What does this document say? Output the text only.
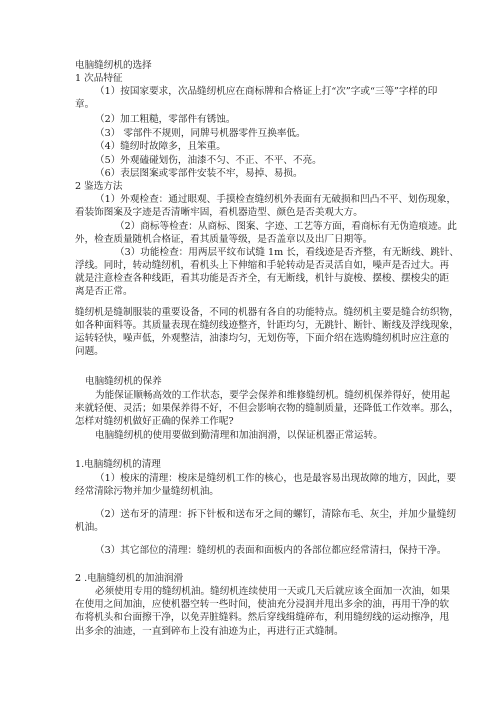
电脑缝纫机的选择
1 次品特征
（1）按国家要求，次品缝纫机应在商标牌和合格证上打“次”字或“三等”字样的印
章。
（2）加工粗糙，零部件有锈蚀。
（3） 零部件不规则，同牌号机器零件互换率低。
（4）缝纫时故障多，且笨重。
（5）外观磕碰划伤，油漆不匀、不正、不平、不亮。
（6）表层图案或零部件安装不牢，易掉、易损。
2 鉴选方法
（1）外观检查：通过眼观、手摸检查缝纫机外表面有无破损和凹凸不平、划伤现象，
看装饰图案及字迹是否清晰牢固，看机器造型、颜色是否美观大方。
（2）商标等检查：从商标、图案、字迹、工艺等方面，看商标有无伪造痕迹。此
外，检查质量随机合格证，看其质量等级，是否盖章以及出厂日期等。
（3）功能检查：用两层平纹布试缝 1m 长，看线迹是否齐整，有无断线、跳针、
浮线。同时，转动缝纫机，看机头上下伸缩和手轮转动是否灵活自如，噪声是否过大。再
就是注意检查各种线距，看其功能是否齐全，有无断线，机针与旋梭、摆梭、摆梭尖的距
离是否正常。
缝纫机是缝制服装的重要设备，不同的机器有各自的功能特点。缝纫机主要是缝合纺织物，
如各种面料等。其质量表现在缝纫线迹整齐，针距均匀，无跳针、断针、断线及浮线现象，
运转轻快，噪声低，外观整洁，油漆均匀，无划伤等，下面介绍在选购缝纫机时应注意的
问题。
电脑缝纫机的保养
为能保证顺畅高效的工作状态，要学会保养和维修缝纫机。缝纫机保养得好，使用起
来就轻便、灵活；如果保养得不好，不但会影响衣物的缝制质量，还降低工作效率。那么，
怎样对缝纫机做好正确的保养工作呢?
电脑缝纫机的使用要做到勤清理和加油润滑，以保证机器正常运转。
1.电脑缝纫机的清理
（1）梭床的清理：梭床是缝纫机工作的核心，也是最容易出现故障的地方，因此，要
经常清除污物并加少量缝纫机油。
（2）送布牙的清理：拆下针板和送布牙之间的螺钉，清除布毛、灰尘，并加少量缝纫
机油。
（3）其它部位的清理：缝纫机的表面和面板内的各部位都应经常清扫，保持干净。
2 .电脑缝纫机的加油润滑
必须使用专用的缝纫机油。缝纫机连续使用一天或几天后就应该全面加一次油，如果
在使用之间加油，应使机器空转一些时间，使油充分浸润并甩出多余的油，再用干净的软
布将机头和台面擦干净，以免弄脏缝料。然后穿线缉缝碎布，利用缝纫线的运动擦净，甩
出多余的油迹，一直到碎布上没有油迹为止，再进行正式缝制。
